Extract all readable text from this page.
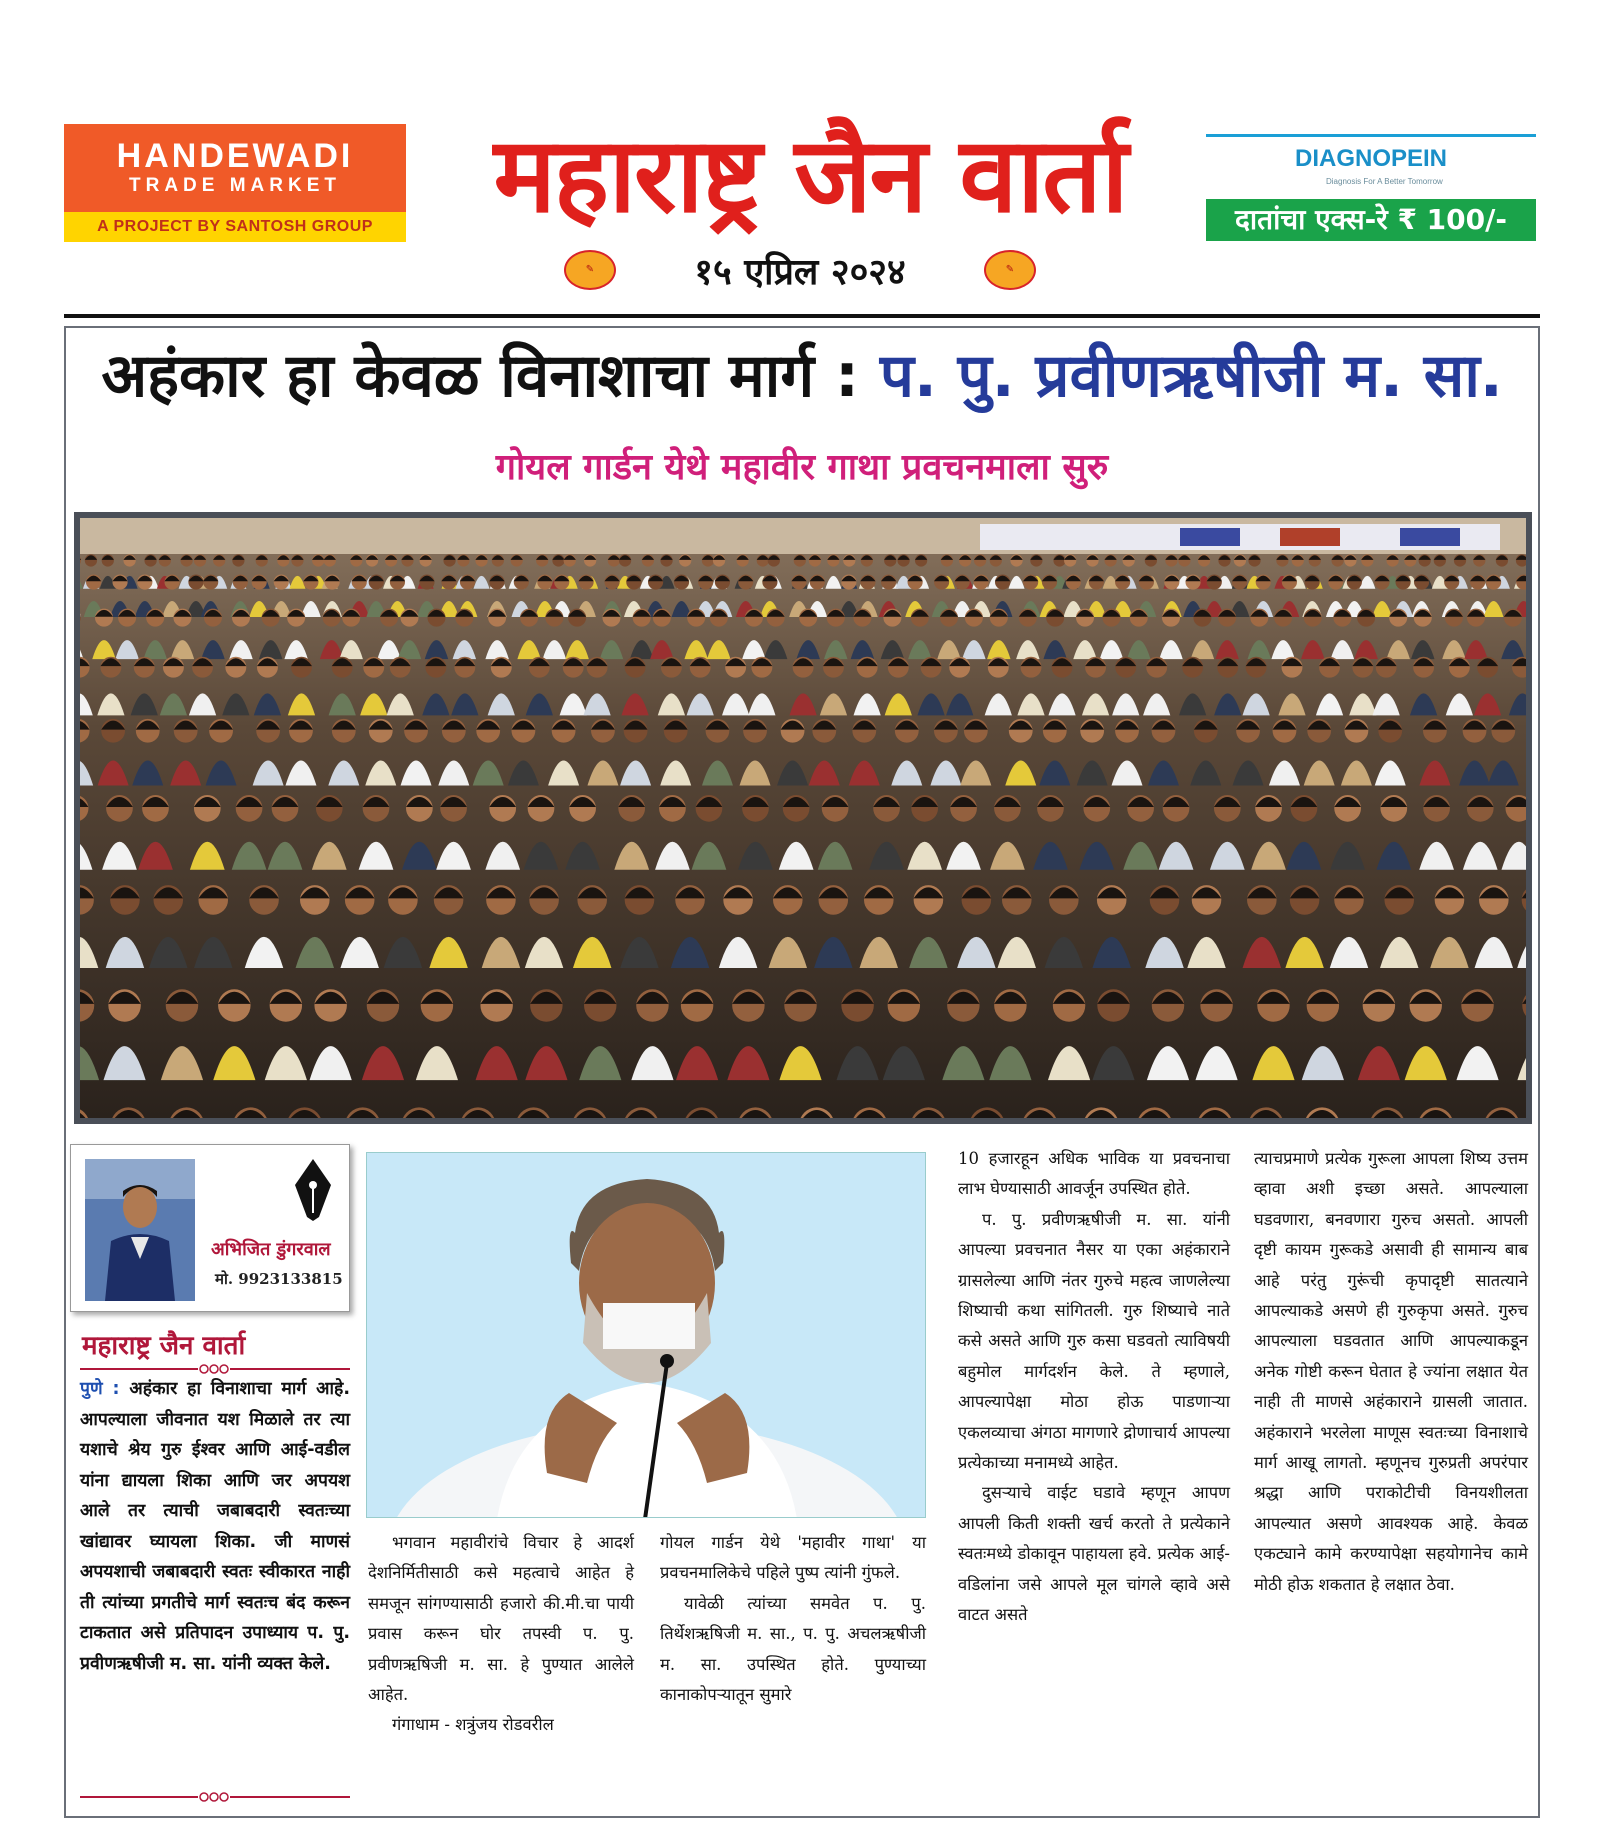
HANDEWADI
TRADE MARKET
A PROJECT BY SANTOSH GROUP	महाराष्ट्र जैन वार्ता	DIAGNOPEIN
Diagnosis For A Better Tomorrow
दातांचा एक्स-रे ₹ 100/-
✎	१५ एप्रिल २०२४	✎
अहंकार हा केवळ विनाशाचा मार्ग : प. पु. प्रवीणऋषीजी म. सा.
गोयल गार्डन येथे महावीर गाथा प्रवचनमाला सुरु
अभिजित डुंगरवाल
मो. 9923133815
महाराष्ट्र जैन वार्ता
पुणे : अहंकार हा विनाशाचा मार्ग आहे. आपल्याला जीवनात यश मिळाले तर त्या यशाचे श्रेय गुरु ईश्वर आणि आई-वडील यांना द्यायला शिका आणि जर अपयश आले तर त्याची जबाबदारी स्वतःच्या खांद्यावर घ्यायला शिका. जी माणसं अपयशाची जबाबदारी स्वतः स्वीकारत नाही ती त्यांच्या प्रगतीचे मार्ग स्वतःच बंद करून टाकतात असे प्रतिपादन उपाध्याय प. पु. प्रवीणऋषीजी म. सा. यांनी व्यक्त केले.

भगवान महावीरांचे विचार हे आदर्श देशनिर्मितीसाठी कसे महत्वाचे आहेत हे समजून सांगण्यासाठी हजारो की.मी.चा पायी प्रवास करून घोर तपस्वी प. पु. प्रवीणऋषिजी म. सा. हे पुण्यात आलेले आहेत.

गंगाधाम - शत्रुंजय रोडवरील

गोयल गार्डन येथे 'महावीर गाथा' या प्रवचनमालिकेचे पहिले पुष्प त्यांनी गुंफले.

यावेळी त्यांच्या समवेत प. पु. तिर्थेशऋषिजी म. सा., प. पु. अचलऋषीजी म. सा. उपस्थित होते. पुण्याच्या कानाकोपऱ्यातून सुमारे

10 हजारहून अधिक भाविक या प्रवचनाचा लाभ घेण्यासाठी आवर्जून उपस्थित होते.

प. पु. प्रवीणऋषीजी म. सा. यांनी आपल्या प्रवचनात नैसर या एका अहंकाराने ग्रासलेल्या आणि नंतर गुरुचे महत्व जाणलेल्या शिष्याची कथा सांगितली. गुरु शिष्याचे नाते कसे असते आणि गुरु कसा घडवतो त्याविषयी बहुमोल मार्गदर्शन केले. ते म्हणाले, आपल्यापेक्षा मोठा होऊ पाडणाऱ्या एकलव्याचा अंगठा मागणारे द्रोणाचार्य आपल्या प्रत्येकाच्या मनामध्ये आहेत.

दुसऱ्याचे वाईट घडावे म्हणून आपण आपली किती शक्ती खर्च करतो ते प्रत्येकाने स्वतःमध्ये डोकावून पाहायला हवे. प्रत्येक आई-वडिलांना जसे आपले मूल चांगले व्हावे असे वाटत असते

त्याचप्रमाणे प्रत्येक गुरूला आपला शिष्य उत्तम व्हावा अशी इच्छा असते. आपल्याला घडवणारा, बनवणारा गुरुच असतो. आपली दृष्टी कायम गुरूकडे असावी ही सामान्य बाब आहे परंतु गुरूंची कृपादृष्टी सातत्याने आपल्याकडे असणे ही गुरुकृपा असते. गुरुच आपल्याला घडवतात आणि आपल्याकडून अनेक गोष्टी करून घेतात हे ज्यांना लक्षात येत नाही ती माणसे अहंकाराने ग्रासली जातात. अहंकाराने भरलेला माणूस स्वतःच्या विनाशाचे मार्ग आखू लागतो. म्हणूनच गुरुप्रती अपरंपार श्रद्धा आणि पराकोटीची विनयशीलता आपल्यात असणे आवश्यक आहे. केवळ एकट्याने कामे करण्यापेक्षा सहयोगानेच कामे मोठी होऊ शकतात हे लक्षात ठेवा.
